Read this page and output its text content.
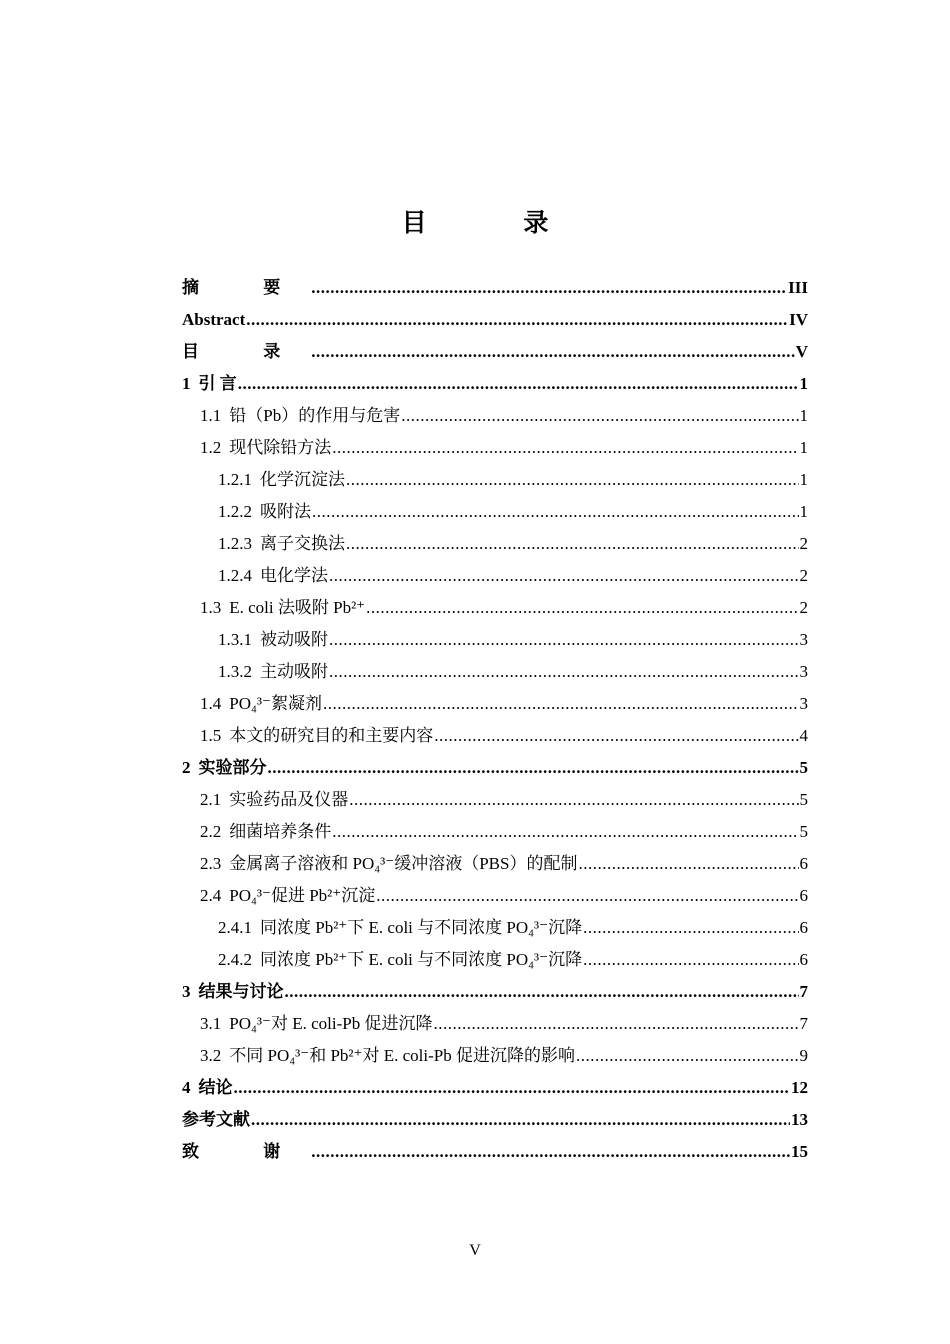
目 录
摘 要 .....	III
Abstract .....	IV
目 录 .....	V
1 引 言 .....	1
1.1 铅（Pb）的作用与危害 .....	1
1.2 现代除铅方法 .....	1
1.2.1 化学沉淀法 .....	1
1.2.2 吸附法 .....	1
1.2.3 离子交换法 .....	2
1.2.4 电化学法 .....	2
1.3 E. coli 法吸附 Pb²⁺ .....	2
1.3.1 被动吸附 .....	3
1.3.2 主动吸附 .....	3
1.4 PO₄³⁻絮凝剂 .....	3
1.5 本文的研究目的和主要内容 .....	4
2 实验部分 .....	5
2.1 实验药品及仪器 .....	5
2.2 细菌培养条件 .....	5
2.3 金属离子溶液和 PO₄³⁻缓冲溶液（PBS）的配制 .....	6
2.4 PO₄³⁻促进 Pb²⁺沉淀 .....	6
2.4.1 同浓度 Pb²⁺下 E. coli 与不同浓度 PO₄³⁻沉降 .....	6
2.4.2 同浓度 Pb²⁺下 E. coli 与不同浓度 PO₄³⁻沉降 .....	6
3 结果与讨论 .....	7
3.1 PO₄³⁻对 E. coli-Pb 促进沉降 .....	7
3.2 不同 PO₄³⁻和 Pb²⁺对 E. coli-Pb 促进沉降的影响 .....	9
4 结论 .....	12
参考文献 .....	13
致 谢 .....	15
V
